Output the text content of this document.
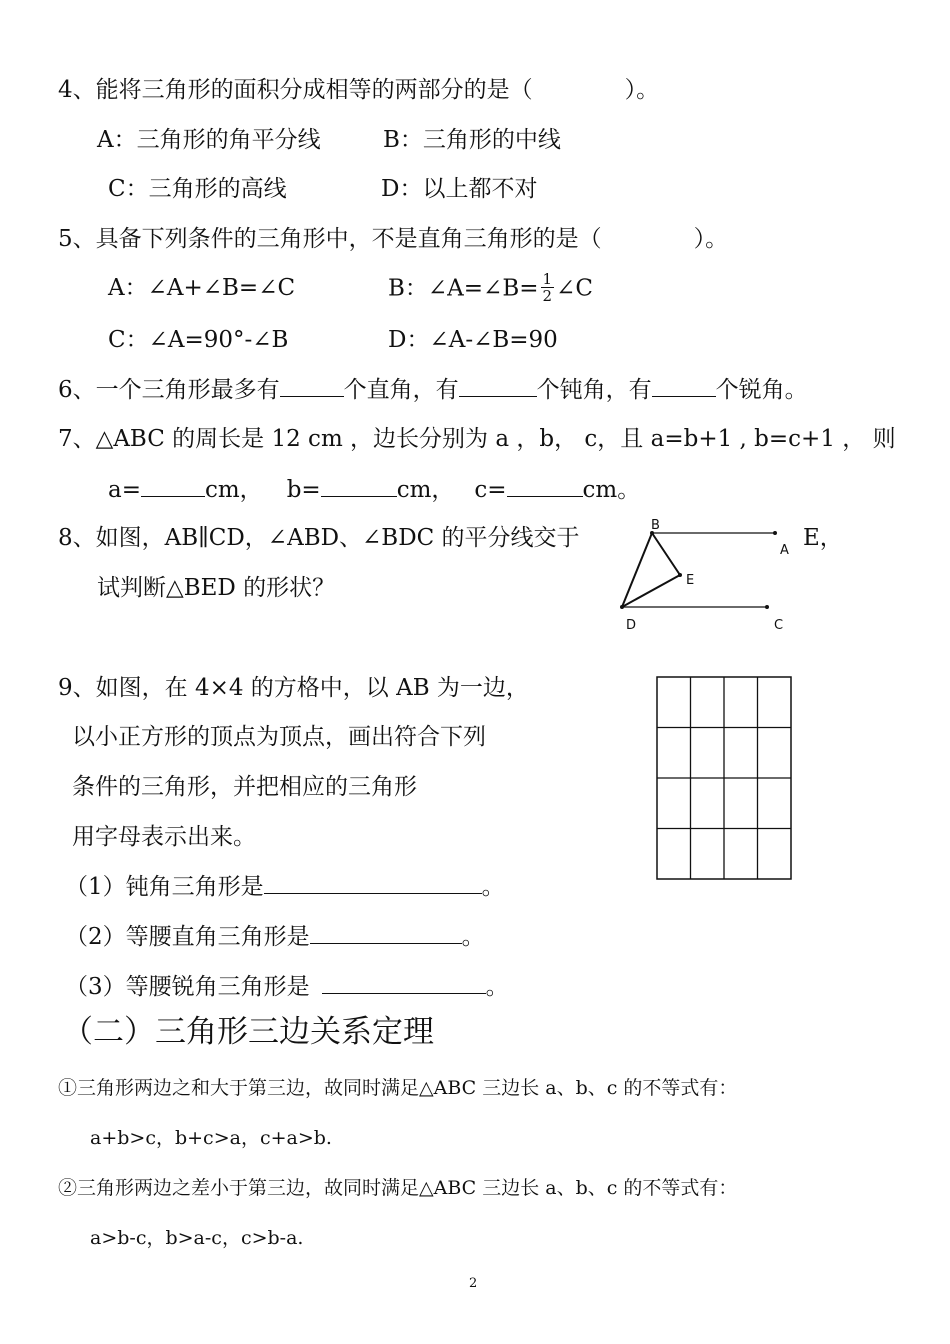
4、能将三角形的面积分成相等的两部分的是（　　　　）。
A：三角形的角平分线	B：三角形的中线
C：三角形的高线	D：以上都不对
5、具备下列条件的三角形中，不是直角三角形的是（　　　　）。
A：∠A+∠B=∠C	B：∠A=∠B= $\frac{1}{2}$ ∠C
C：∠A=90°-∠B	D：∠A-∠B=90
6、一个三角形最多有	个直角，有	个钝角，有	个锐角。
7、△ABC 的周长是 12 cm ，边长分别为 a ，b， c，且 a=b+1 , b=c+1 ， 则
a=	cm， b=	cm， c=	cm。
8、如图，AB∥CD，∠ABD、∠BDC 的平分线交于	E，
试判断△BED 的形状？
B
A
E
D	C
9、如图，在 4×4 的方格中，以 AB 为一边，
以小正方形的顶点为顶点，画出符合下列
条件的三角形，并把相应的三角形
用字母表示出来。
（1）钝角三角形是	。
（2）等腰直角三角形是	。
（3）等腰锐角三角形是	。
（二）三角形三边关系定理
①三角形两边之和大于第三边，故同时满足△ABC 三边长 a、b、c 的不等式有：
a+b>c，b+c>a，c+a>b.
②三角形两边之差小于第三边，故同时满足△ABC 三边长 a、b、c 的不等式有：
a>b-c，b>a-c，c>b-a.
2
